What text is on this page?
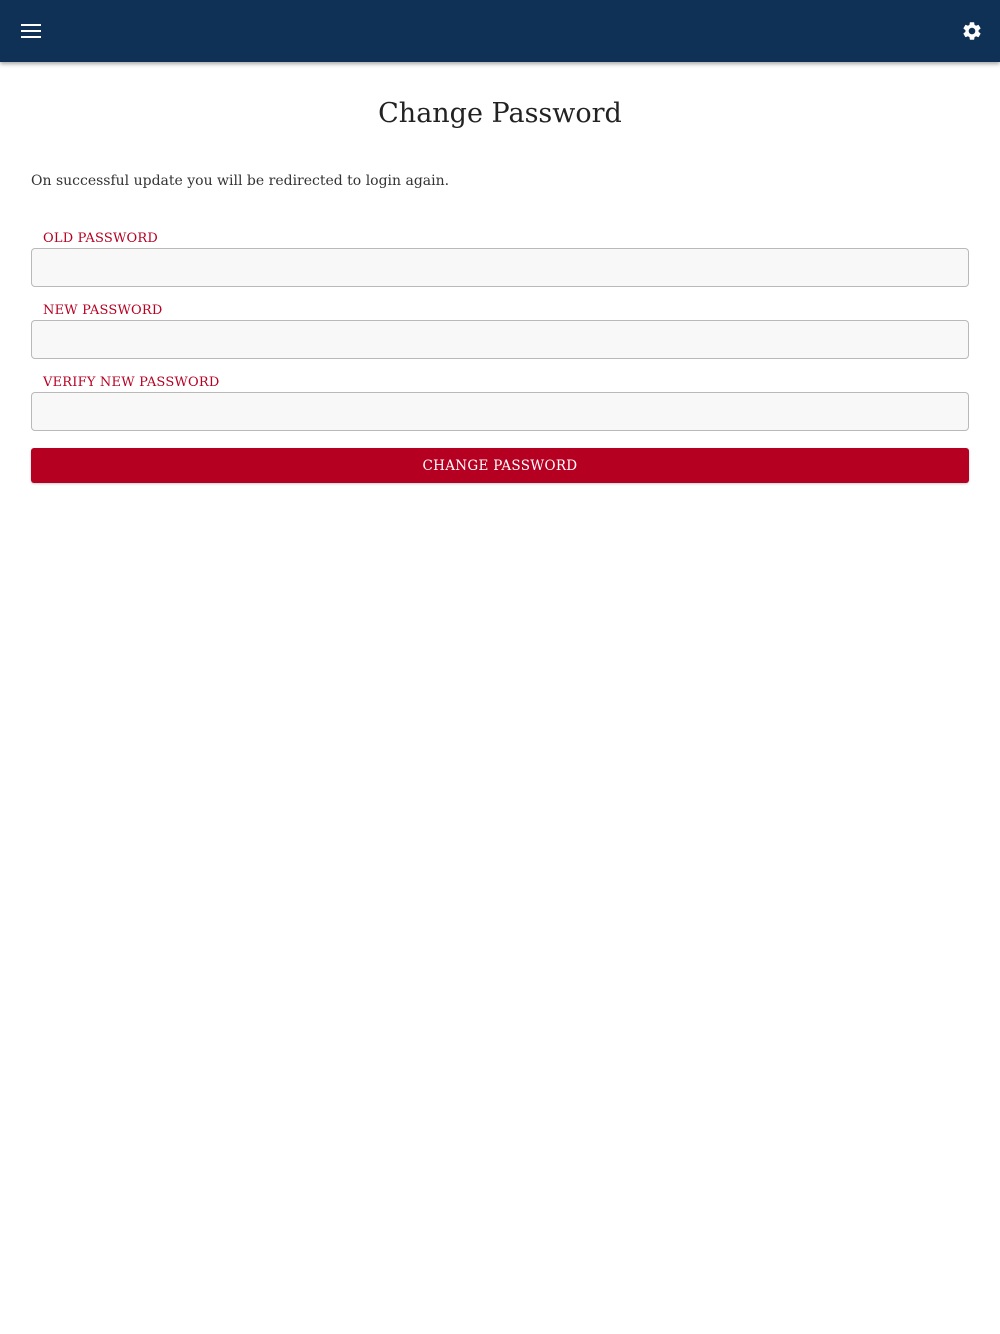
Change Password

On successful update you will be redirected to login again.

OLD PASSWORD
NEW PASSWORD
VERIFY NEW PASSWORD
CHANGE PASSWORD
